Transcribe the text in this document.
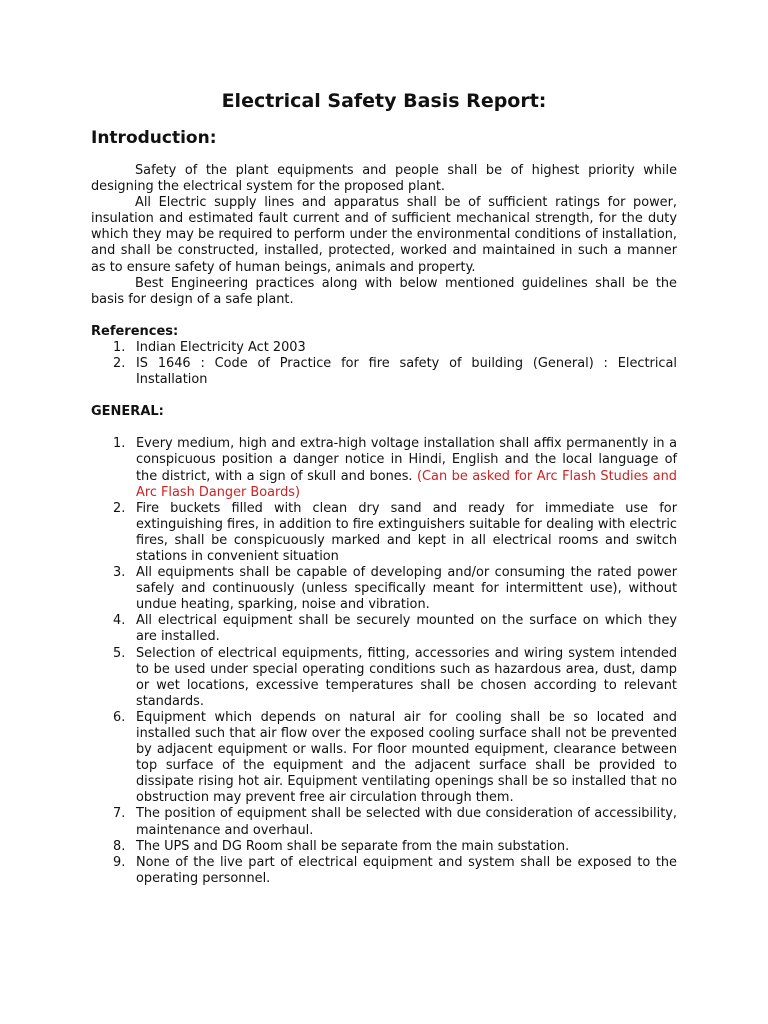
Electrical Safety Basis Report:
Introduction:

Safety of the plant equipments and people shall be of highest priority while designing the electrical system for the proposed plant.

All Electric supply lines and apparatus shall be of sufficient ratings for power, insulation and estimated fault current and of sufficient mechanical strength, for the duty which they may be required to perform under the environmental conditions of installation, and shall be constructed, installed, protected, worked and maintained in such a manner as to ensure safety of human beings, animals and property.

Best Engineering practices along with below mentioned guidelines shall be the basis for design of a safe plant.

References:
1. Indian Electricity Act 2003
2. IS 1646 : Code of Practice for fire safety of building (General) : Electrical Installation
GENERAL:
1. Every medium, high and extra-high voltage installation shall affix permanently in a conspicuous position a danger notice in Hindi, English and the local language of the district, with a sign of skull and bones. (Can be asked for Arc Flash Studies and Arc Flash Danger Boards)
2. Fire buckets filled with clean dry sand and ready for immediate use for extinguishing fires, in addition to fire extinguishers suitable for dealing with electric fires, shall be conspicuously marked and kept in all electrical rooms and switch stations in convenient situation
3. All equipments shall be capable of developing and/or consuming the rated power safely and continuously (unless specifically meant for intermittent use), without undue heating, sparking, noise and vibration.
4. All electrical equipment shall be securely mounted on the surface on which they are installed.
5. Selection of electrical equipments, fitting, accessories and wiring system intended to be used under special operating conditions such as hazardous area, dust, damp or wet locations, excessive temperatures shall be chosen according to relevant standards.
6. Equipment which depends on natural air for cooling shall be so located and installed such that air flow over the exposed cooling surface shall not be prevented by adjacent equipment or walls. For floor mounted equipment, clearance between top surface of the equipment and the adjacent surface shall be provided to dissipate rising hot air. Equipment ventilating openings shall be so installed that no obstruction may prevent free air circulation through them.
7. The position of equipment shall be selected with due consideration of accessibility, maintenance and overhaul.
8. The UPS and DG Room shall be separate from the main substation.
9. None of the live part of electrical equipment and system shall be exposed to the operating personnel.
